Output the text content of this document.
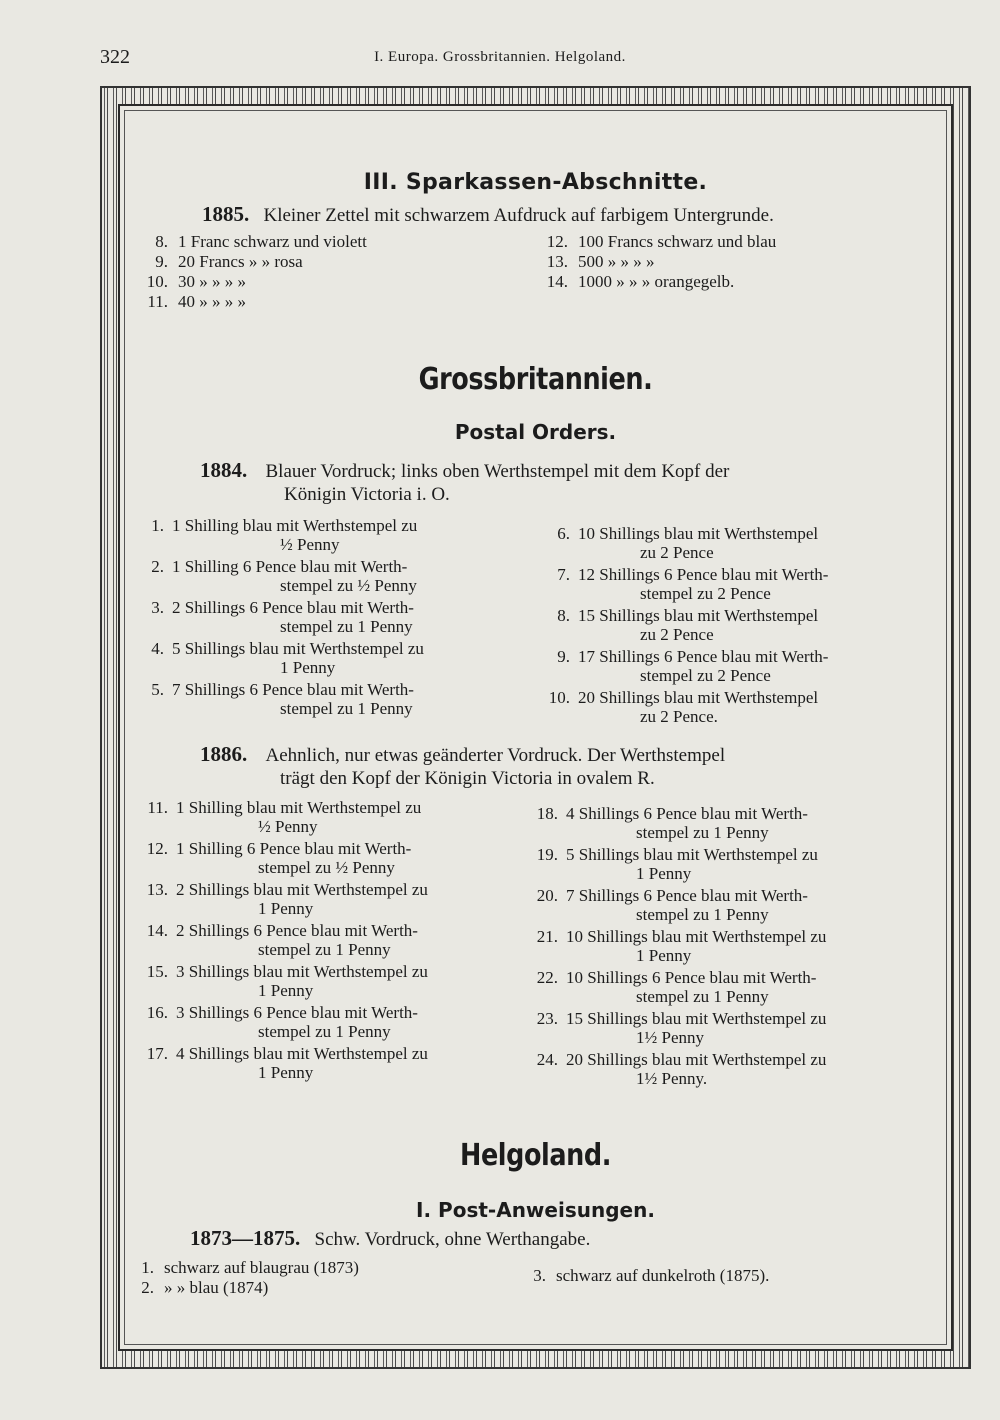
322	I. Europa. Grossbritannien. Helgoland.
III. Sparkassen-Abschnitte.
1885. Kleiner Zettel mit schwarzem Aufdruck auf farbigem Untergrunde.
8. 1 Franc schwarz und violett
9. 20 Francs » » rosa
10. 30 » » » »
11. 40 » » » »
12. 100 Francs schwarz und blau
13. 500 » » » »
14. 1000 » » » orangegelb.
Grossbritannien.
Postal Orders.
1884. Blauer Vordruck; links oben Werthstempel mit dem Kopf der
Königin Victoria i. O.
1. 1 Shilling blau mit Werthstempel zu
½ Penny
2. 1 Shilling 6 Pence blau mit Werth-
stempel zu ½ Penny
3. 2 Shillings 6 Pence blau mit Werth-
stempel zu 1 Penny
4. 5 Shillings blau mit Werthstempel zu
1 Penny
5. 7 Shillings 6 Pence blau mit Werth-
stempel zu 1 Penny
6. 10 Shillings blau mit Werthstempel
zu 2 Pence
7. 12 Shillings 6 Pence blau mit Werth-
stempel zu 2 Pence
8. 15 Shillings blau mit Werthstempel
zu 2 Pence
9. 17 Shillings 6 Pence blau mit Werth-
stempel zu 2 Pence
10. 20 Shillings blau mit Werthstempel
zu 2 Pence.
1886. Aehnlich, nur etwas geänderter Vordruck. Der Werthstempel
trägt den Kopf der Königin Victoria in ovalem R.
11. 1 Shilling blau mit Werthstempel zu
½ Penny
12. 1 Shilling 6 Pence blau mit Werth-
stempel zu ½ Penny
13. 2 Shillings blau mit Werthstempel zu
1 Penny
14. 2 Shillings 6 Pence blau mit Werth-
stempel zu 1 Penny
15. 3 Shillings blau mit Werthstempel zu
1 Penny
16. 3 Shillings 6 Pence blau mit Werth-
stempel zu 1 Penny
17. 4 Shillings blau mit Werthstempel zu
1 Penny
18. 4 Shillings 6 Pence blau mit Werth-
stempel zu 1 Penny
19. 5 Shillings blau mit Werthstempel zu
1 Penny
20. 7 Shillings 6 Pence blau mit Werth-
stempel zu 1 Penny
21. 10 Shillings blau mit Werthstempel zu
1 Penny
22. 10 Shillings 6 Pence blau mit Werth-
stempel zu 1 Penny
23. 15 Shillings blau mit Werthstempel zu
1½ Penny
24. 20 Shillings blau mit Werthstempel zu
1½ Penny.
Helgoland.
I. Post-Anweisungen.
1873—1875. Schw. Vordruck, ohne Werthangabe.
1. schwarz auf blaugrau (1873)
2. » » blau (1874)
3. schwarz auf dunkelroth (1875).
